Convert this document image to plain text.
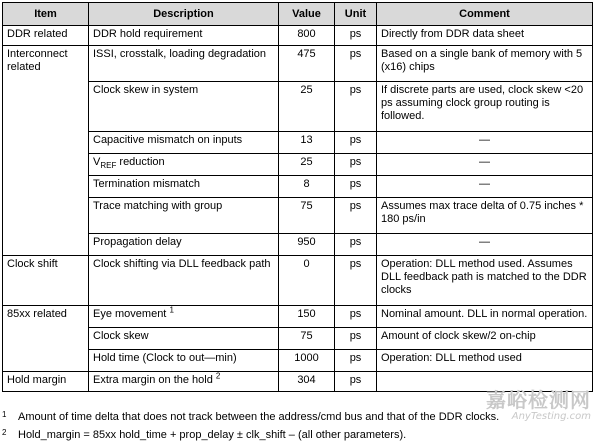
Item	Description	Value	Unit	Comment
DDR related	DDR hold requirement	800	ps	Directly from DDR data sheet
Interconnect related	ISSI, crosstalk, loading degradation	475	ps	Based on a single bank of memory with 5 (x16) chips
	Clock skew in system	25	ps	If discrete parts are used, clock skew <20 ps assuming clock group routing is followed.
	Capacitive mismatch on inputs	13	ps	—
	$V_{REF}$ reduction	25	ps	—
	Termination mismatch	8	ps	—
	Trace matching with group	75	ps	Assumes max trace delta of 0.75 inches * 180 ps/in
	Propagation delay	950	ps	—
Clock shift	Clock shifting via DLL feedback path	0	ps	Operation: DLL method used. Assumes DLL feedback path is matched to the DDR clocks
85xx related	Eye movement $^1$	150	ps	Nominal amount. DLL in normal operation.
	Clock skew	75	ps	Amount of clock skew/2 on-chip
	Hold time (Clock to out—min)	1000	ps	Operation: DLL method used
Hold margin	Extra margin on the hold $^2$	304	ps	
1 Amount of time delta that does not track between the address/cmd bus and that of the DDR clocks.
2 Hold_margin = 85xx hold_time + prop_delay ± clk_shift – (all other parameters).
嘉峪检测网
AnyTesting.com
